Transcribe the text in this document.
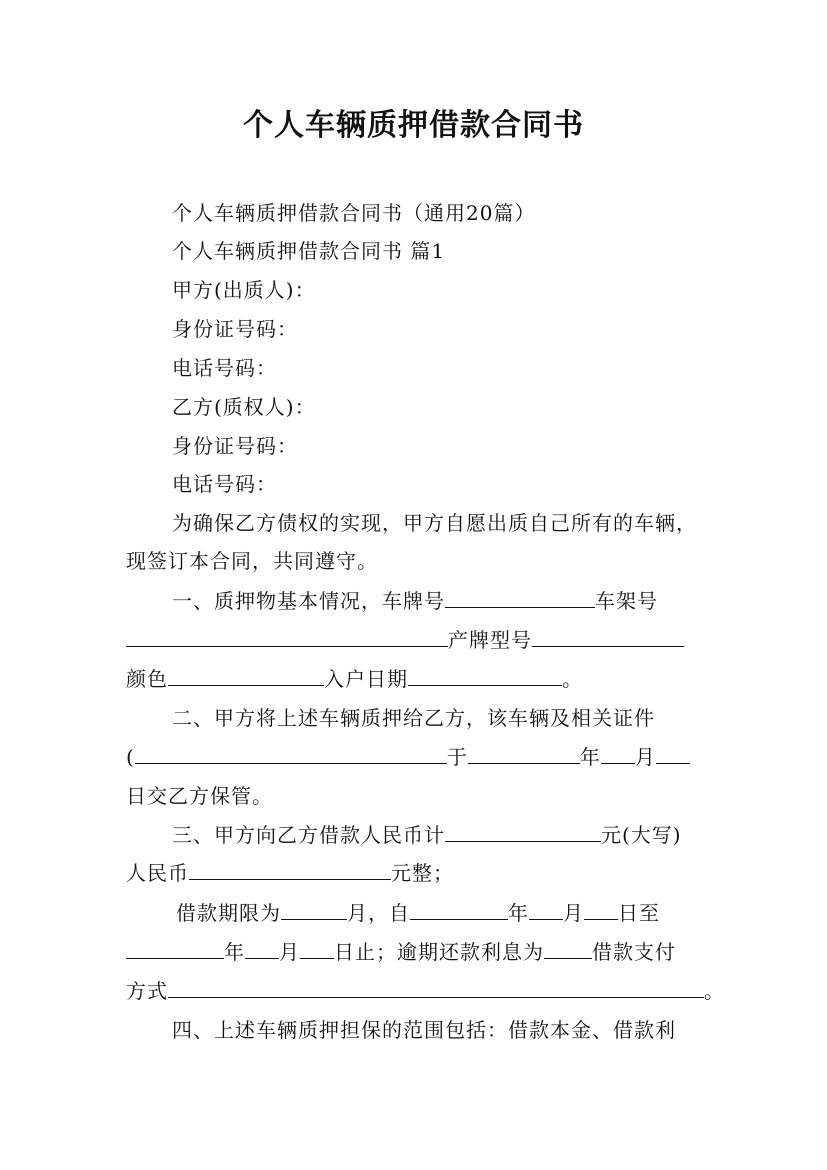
个人车辆质押借款合同书
个人车辆质押借款合同书（通用20篇）
个人车辆质押借款合同书 篇1
甲方(出质人)：
身份证号码：
电话号码：
乙方(质权人)：
身份证号码：
电话号码：
为确保乙方债权的实现，甲方自愿出质自己所有的车辆，
现签订本合同，共同遵守。
一、质押物基本情况，车牌号	车架号
产牌型号
颜色	入户日期	。
二、甲方将上述车辆质押给乙方，该车辆及相关证件
(	于	年 月
日交乙方保管。
三、甲方向乙方借款人民币计	元(大写)
人民币	元整；
借款期限为	月，自	年 月 日至
年 月 日止；逾期还款利息为 借款支付
方式	。
四、上述车辆质押担保的范围包括：借款本金、借款利
